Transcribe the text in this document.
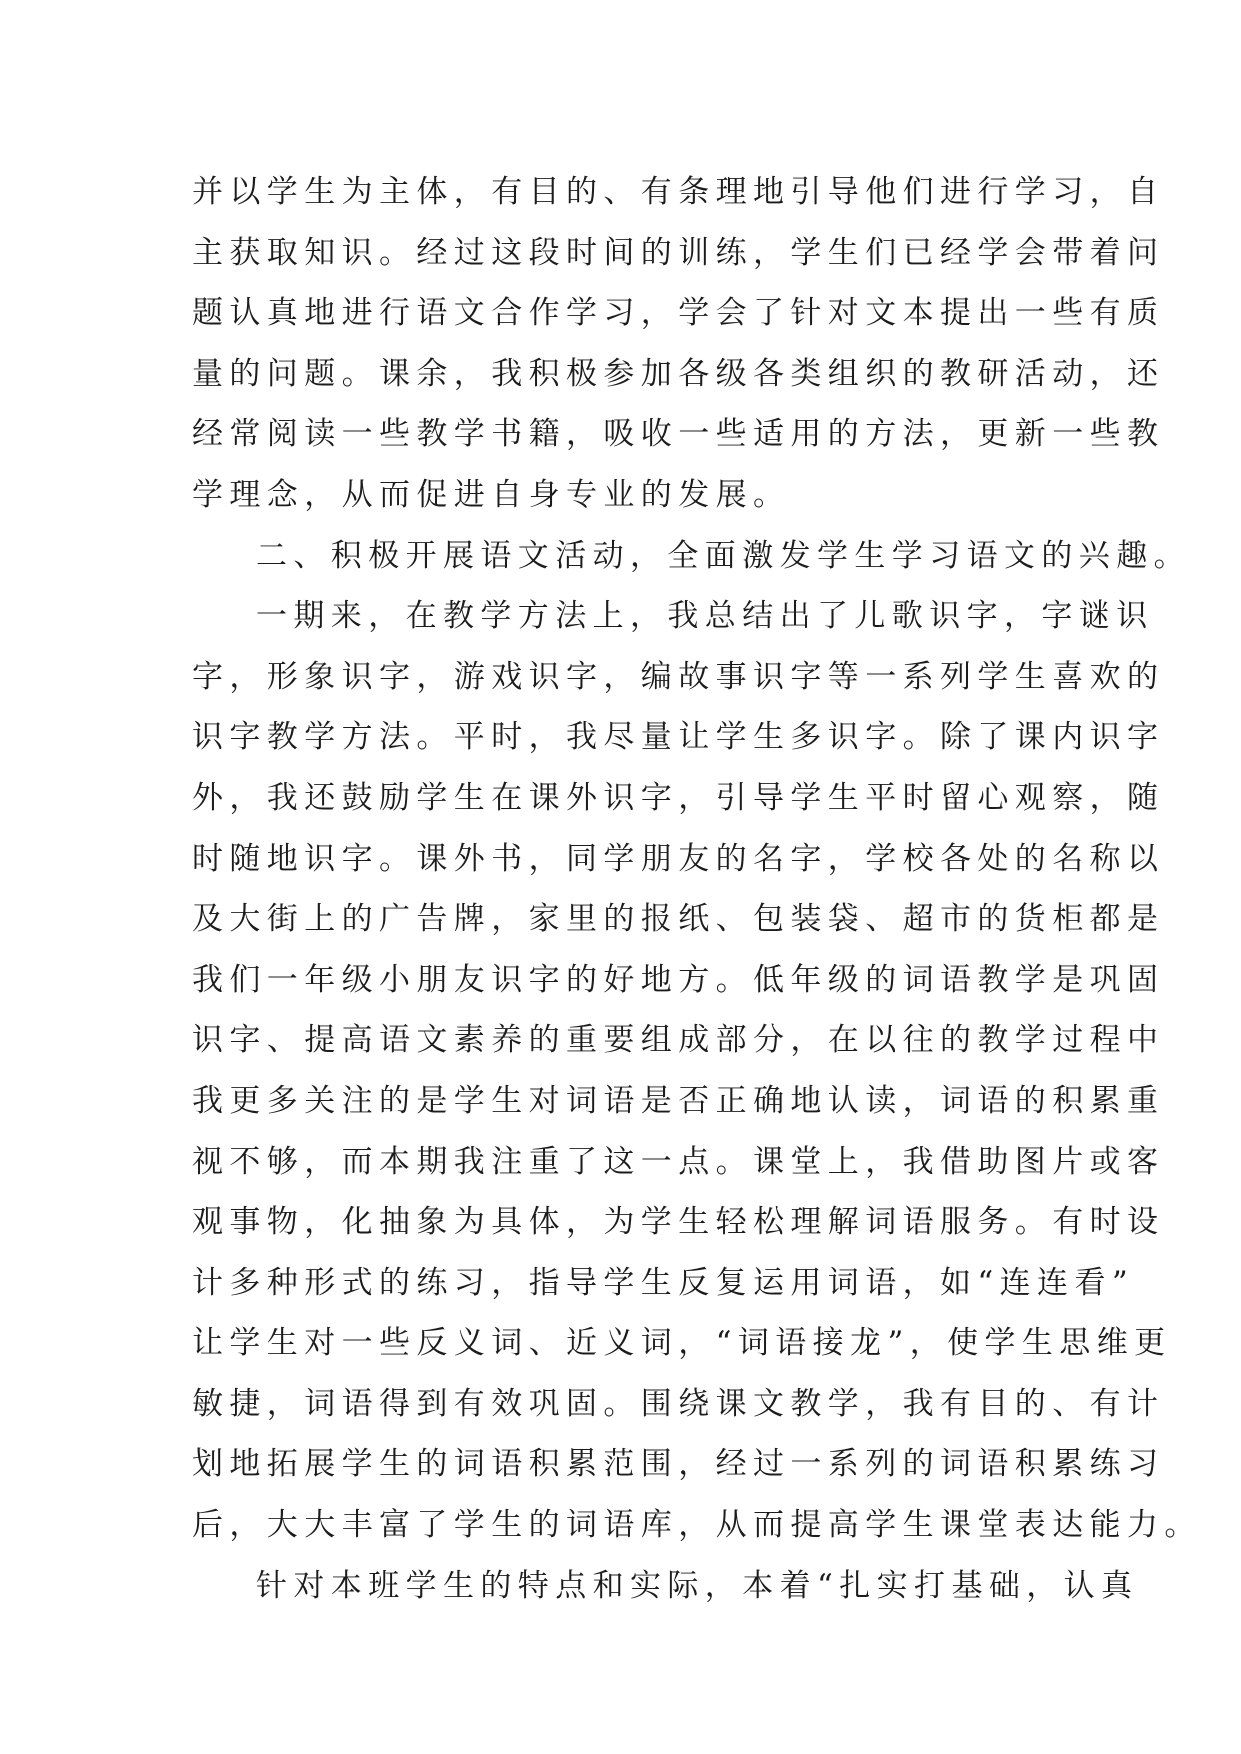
并以学生为主体，有目的、有条理地引导他们进行学习，自
主获取知识。经过这段时间的训练，学生们已经学会带着问
题认真地进行语文合作学习，学会了针对文本提出一些有质
量的问题。课余，我积极参加各级各类组织的教研活动，还
经常阅读一些教学书籍，吸收一些适用的方法，更新一些教
学理念，从而促进自身专业的发展。
二、积极开展语文活动，全面激发学生学习语文的兴趣。
一期来，在教学方法上，我总结出了儿歌识字，字谜识
字，形象识字，游戏识字，编故事识字等一系列学生喜欢的
识字教学方法。平时，我尽量让学生多识字。除了课内识字
外，我还鼓励学生在课外识字，引导学生平时留心观察，随
时随地识字。课外书，同学朋友的名字，学校各处的名称以
及大街上的广告牌，家里的报纸、包装袋、超市的货柜都是
我们一年级小朋友识字的好地方。低年级的词语教学是巩固
识字、提高语文素养的重要组成部分，在以往的教学过程中
我更多关注的是学生对词语是否正确地认读，词语的积累重
视不够，而本期我注重了这一点。课堂上，我借助图片或客
观事物，化抽象为具体，为学生轻松理解词语服务。有时设
计多种形式的练习，指导学生反复运用词语，如“连连看”
让学生对一些反义词、近义词，“词语接龙”，使学生思维更
敏捷，词语得到有效巩固。围绕课文教学，我有目的、有计
划地拓展学生的词语积累范围，经过一系列的词语积累练习
后，大大丰富了学生的词语库，从而提高学生课堂表达能力。
针对本班学生的特点和实际，本着“扎实打基础，认真
